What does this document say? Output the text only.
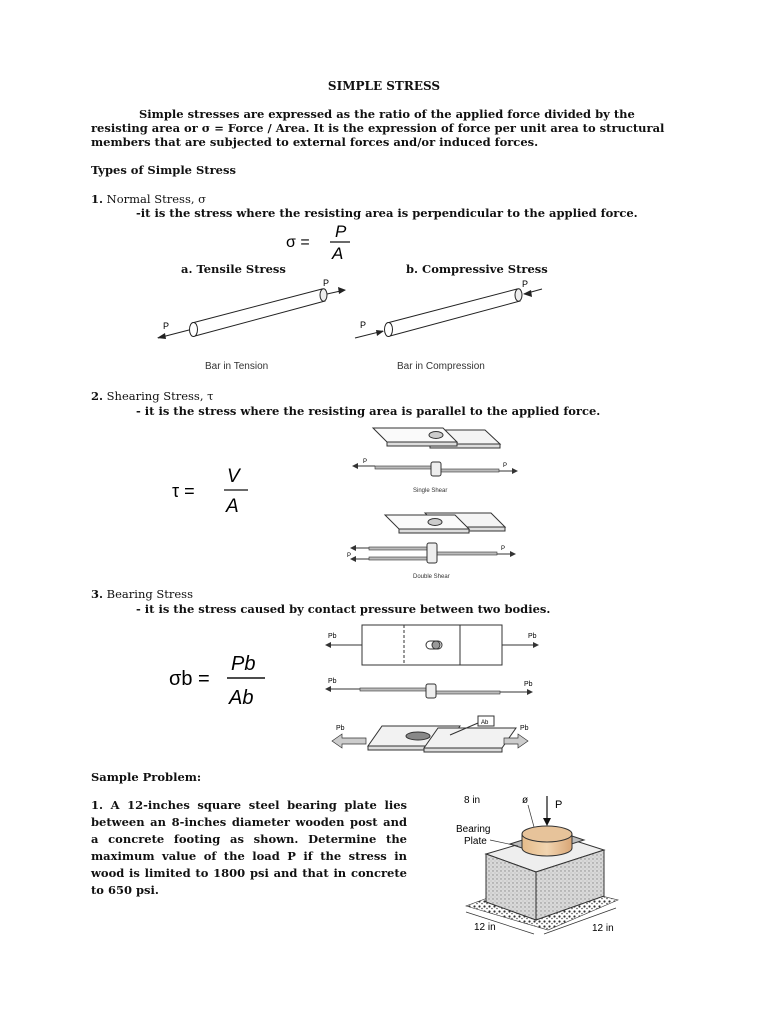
SIMPLE STRESS
Simple stresses are expressed as the ratio of the applied force divided by the resisting area or σ = Force / Area. It is the expression of force per unit area to structural members that are subjected to external forces and/or induced forces.
Types of Simple Stress
1. Normal Stress, σ
-it is the stress where the resisting area is perpendicular to the applied force.
σ =
P
A
a. Tensile Stress	b. Compressive Stress
P
P
Bar in Tension
P
P
Bar in Compression
2. Shearing Stress, τ
- it is the stress where the resisting area is parallel to the applied force.
τ =
V
A
P
P
Single Shear
P
P
Double Shear
3. Bearing Stress
- it is the stress caused by contact pressure between two bodies.
σb =
Pb
Ab
Pb	Pb
Pb	Pb
Ab
Pb	Pb
Sample Problem:
1. A 12-inches square steel bearing plate lies between an 8-inches diameter wooden post and a concrete footing as shown. Determine the maximum value of the load P if the stress in wood is limited to 1800 psi and that in concrete to 650 psi.
P
8 in	ø
Bearing
Plate
12 in	12 in
